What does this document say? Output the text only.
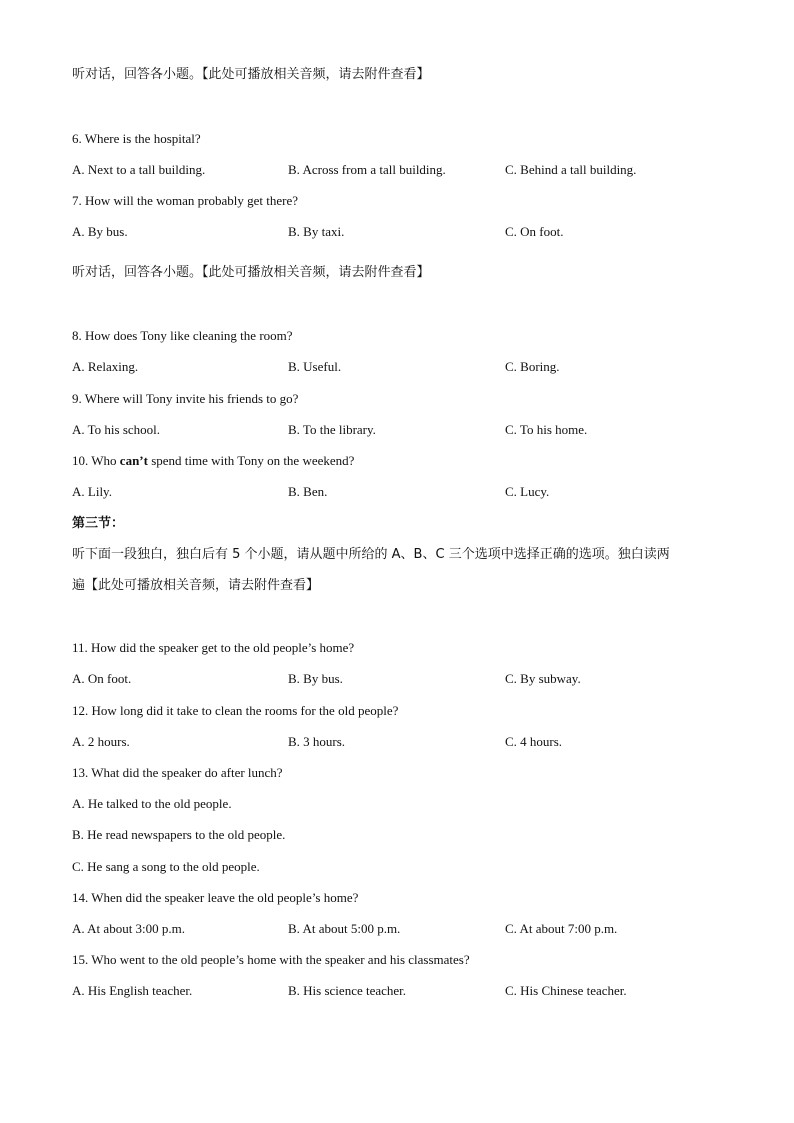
听对话，回答各小题。【此处可播放相关音频，请去附件查看】
6. Where is the hospital?
A. Next to a tall building.	B. Across from a tall building.	C. Behind a tall building.
7. How will the woman probably get there?
A. By bus.	B. By taxi.	C. On foot.
听对话，回答各小题。【此处可播放相关音频，请去附件查看】
8. How does Tony like cleaning the room?
A. Relaxing.	B. Useful.	C. Boring.
9. Where will Tony invite his friends to go?
A. To his school.	B. To the library.	C. To his home.
10. Who can’t spend time with Tony on the weekend?
A. Lily.	B. Ben.	C. Lucy.
第三节：
听下面一段独白，独白后有 5 个小题，请从题中所给的 A、B、C 三个选项中选择正确的选项。独白读两
遍【此处可播放相关音频，请去附件查看】
11. How did the speaker get to the old people’s home?
A. On foot.	B. By bus.	C. By subway.
12. How long did it take to clean the rooms for the old people?
A. 2 hours.	B. 3 hours.	C. 4 hours.
13. What did the speaker do after lunch?
A. He talked to the old people.
B. He read newspapers to the old people.
C. He sang a song to the old people.
14. When did the speaker leave the old people’s home?
A. At about 3:00 p.m.	B. At about 5:00 p.m.	C. At about 7:00 p.m.
15. Who went to the old people’s home with the speaker and his classmates?
A. His English teacher.	B. His science teacher.	C. His Chinese teacher.
